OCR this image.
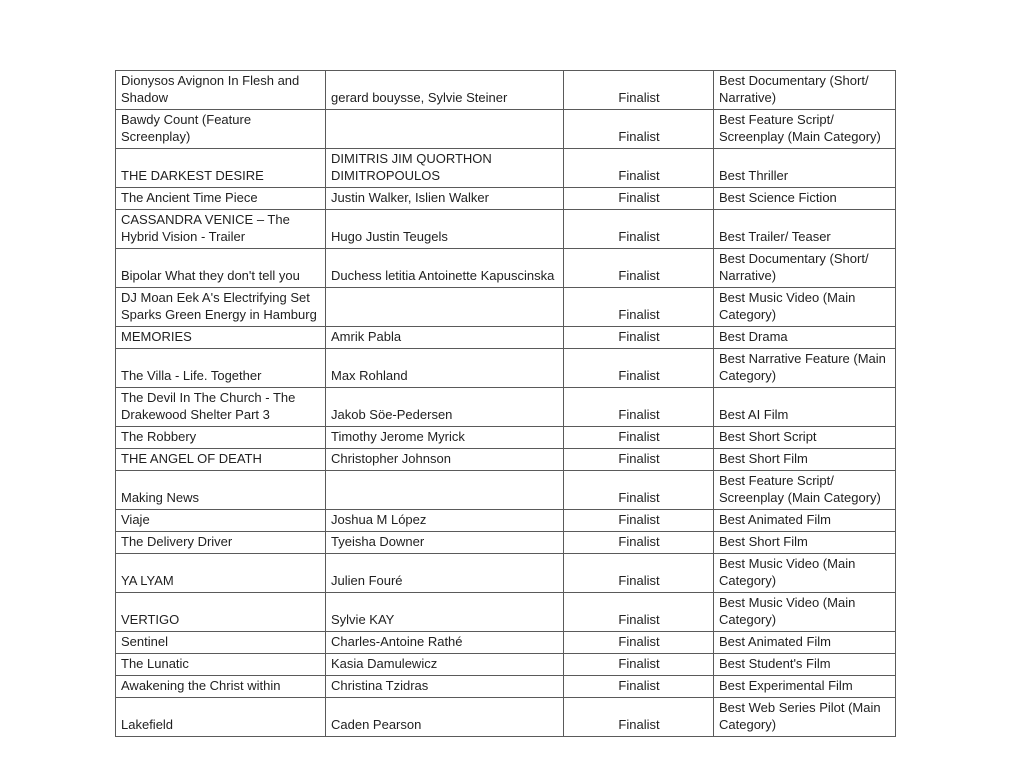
Dionysos Avignon In Flesh and Shadow	gerard bouysse, Sylvie Steiner	Finalist	Best Documentary (Short/ Narrative)
Bawdy Count (Feature Screenplay)		Finalist	Best Feature Script/ Screenplay (Main Category)
THE DARKEST DESIRE	DIMITRIS JIM QUORTHON DIMITROPOULOS	Finalist	Best Thriller
The Ancient Time Piece	Justin Walker, Islien Walker	Finalist	Best Science Fiction
CASSANDRA VENICE – The Hybrid Vision - Trailer	Hugo Justin Teugels	Finalist	Best Trailer/ Teaser
Bipolar What they don't tell you	Duchess letitia Antoinette Kapuscinska	Finalist	Best Documentary (Short/ Narrative)
DJ Moan Eek A's Electrifying Set Sparks Green Energy in Hamburg		Finalist	Best Music Video (Main Category)
MEMORIES	Amrik Pabla	Finalist	Best Drama
The Villa - Life. Together	Max Rohland	Finalist	Best Narrative Feature (Main Category)
The Devil In The Church - The Drakewood Shelter Part 3	Jakob Söe-Pedersen	Finalist	Best AI Film
The Robbery	Timothy Jerome Myrick	Finalist	Best Short Script
THE ANGEL OF DEATH	Christopher Johnson	Finalist	Best Short Film
Making News		Finalist	Best Feature Script/ Screenplay (Main Category)
Viaje	Joshua M López	Finalist	Best Animated Film
The Delivery Driver	Tyeisha Downer	Finalist	Best Short Film
YA LYAM	Julien Fouré	Finalist	Best Music Video (Main Category)
VERTIGO	Sylvie KAY	Finalist	Best Music Video (Main Category)
Sentinel	Charles-Antoine Rathé	Finalist	Best Animated Film
The Lunatic	Kasia Damulewicz	Finalist	Best Student's Film
Awakening the Christ within	Christina Tzidras	Finalist	Best Experimental Film
Lakefield	Caden Pearson	Finalist	Best Web Series Pilot (Main Category)
